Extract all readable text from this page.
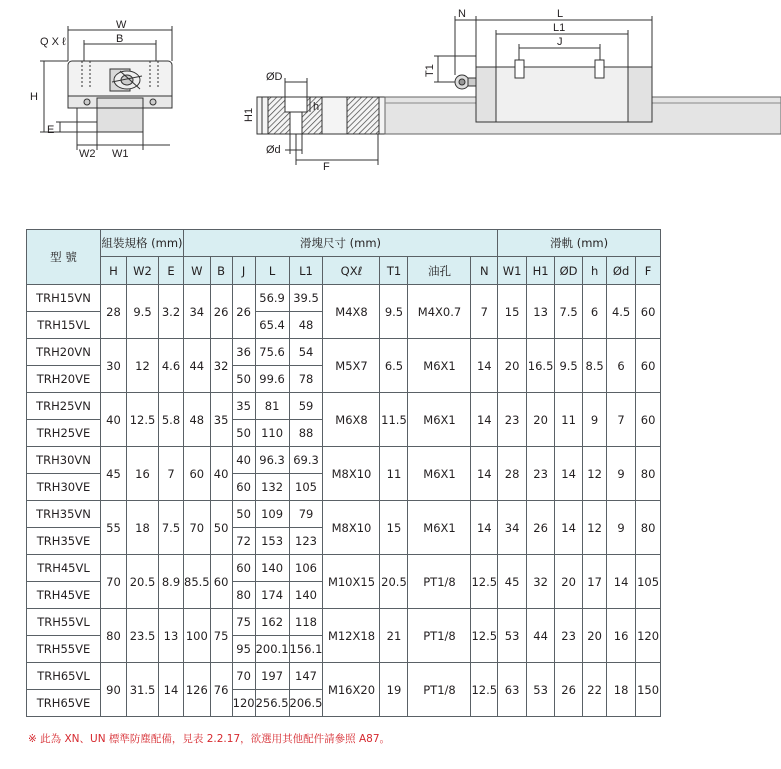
Q X ℓ
W
B
H
E
W2 W1
ØD
H1
h
Ød
F
N	L
L1
J
T1
型 號	組裝規格 (mm)			滑塊尺寸 (mm)									滑軌 (mm)					
	H	W2	E	W	B	J	L	L1	QXℓ	T1	油孔	N	W1	H1	ØD	h	Ød	F
TRH15VN	28	9.5	3.2	34	26	26	56.9	39.5	M4X8	9.5	M4X0.7	7	15	13	7.5	6	4.5	60
TRH15VL							65.4	48										
TRH20VN	30	12	4.6	44	32	36	75.6	54	M5X7	6.5	M6X1	14	20	16.5	9.5	8.5	6	60
TRH20VE						50	99.6	78										
TRH25VN	40	12.5	5.8	48	35	35	81	59	M6X8	11.5	M6X1	14	23	20	11	9	7	60
TRH25VE						50	110	88										
TRH30VN	45	16	7	60	40	40	96.3	69.3	M8X10	11	M6X1	14	28	23	14	12	9	80
TRH30VE						60	132	105										
TRH35VN	55	18	7.5	70	50	50	109	79	M8X10	15	M6X1	14	34	26	14	12	9	80
TRH35VE						72	153	123										
TRH45VL	70	20.5	8.9	85.5	60	60	140	106	M10X15	20.5	PT1/8	12.5	45	32	20	17	14	105
TRH45VE						80	174	140										
TRH55VL	80	23.5	13	100	75	75	162	118	M12X18	21	PT1/8	12.5	53	44	23	20	16	120
TRH55VE						95	200.1	156.1										
TRH65VL	90	31.5	14	126	76	70	197	147	M16X20	19	PT1/8	12.5	63	53	26	22	18	150
TRH65VE						120	256.5	206.5										
※ 此為 XN、UN 標準防塵配備，見表 2.2.17，欲選用其他配件請參照 A87。
